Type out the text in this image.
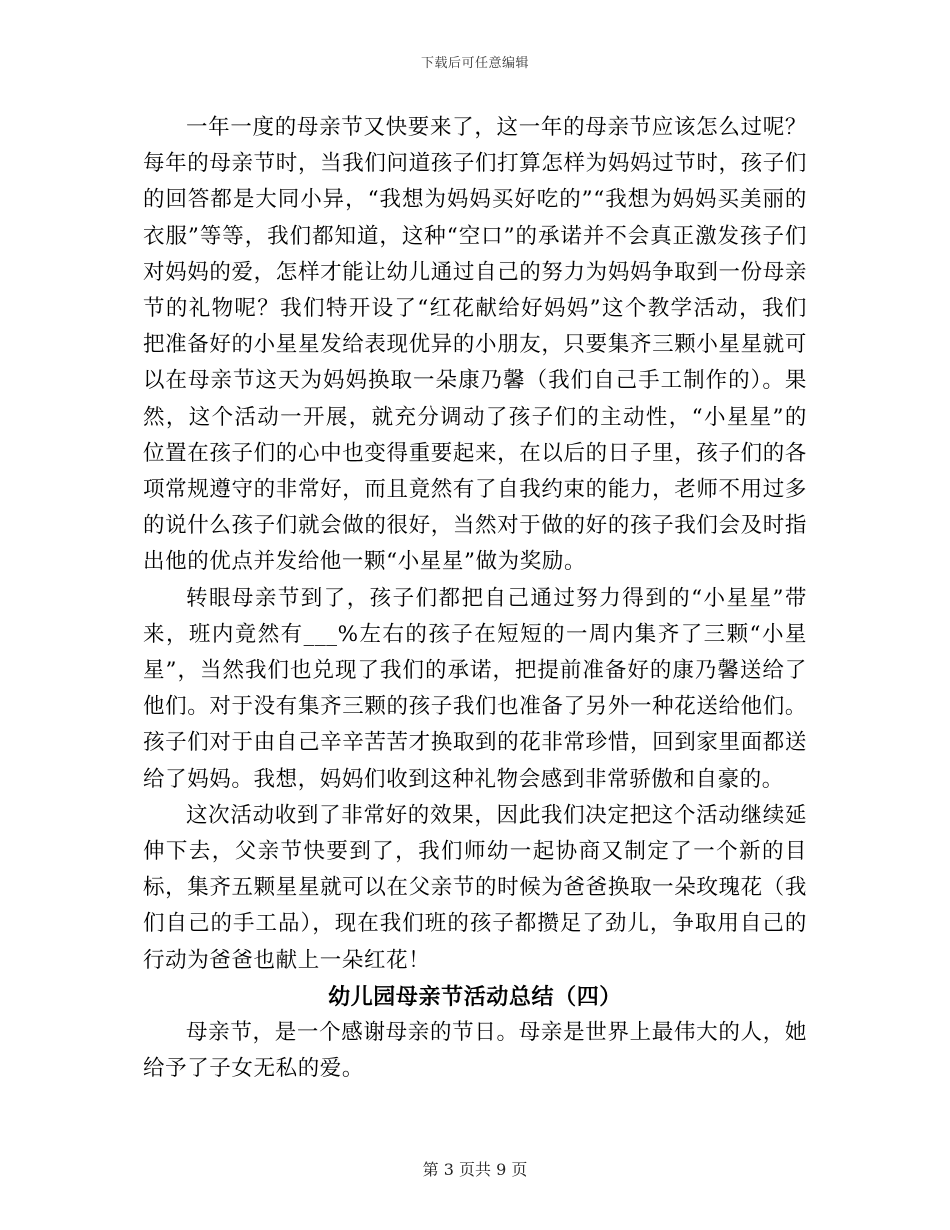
下载后可任意编辑

一年一度的母亲节又快要来了，这一年的母亲节应该怎么过呢？每年的母亲节时，当我们问道孩子们打算怎样为妈妈过节时，孩子们的回答都是大同小异，“我想为妈妈买好吃的”“我想为妈妈买美丽的衣服”等等，我们都知道，这种“空口”的承诺并不会真正激发孩子们对妈妈的爱，怎样才能让幼儿通过自己的努力为妈妈争取到一份母亲节的礼物呢？我们特开设了“红花献给好妈妈”这个教学活动，我们把准备好的小星星发给表现优异的小朋友，只要集齐三颗小星星就可以在母亲节这天为妈妈换取一朵康乃馨（我们自己手工制作的）。果然，这个活动一开展，就充分调动了孩子们的主动性，“小星星”的位置在孩子们的心中也变得重要起来，在以后的日子里，孩子们的各项常规遵守的非常好，而且竟然有了自我约束的能力，老师不用过多的说什么孩子们就会做的很好，当然对于做的好的孩子我们会及时指出他的优点并发给他一颗“小星星”做为奖励。

转眼母亲节到了，孩子们都把自己通过努力得到的“小星星”带来，班内竟然有___%左右的孩子在短短的一周内集齐了三颗“小星星”，当然我们也兑现了我们的承诺，把提前准备好的康乃馨送给了他们。对于没有集齐三颗的孩子我们也准备了另外一种花送给他们。孩子们对于由自己辛辛苦苦才换取到的花非常珍惜，回到家里面都送给了妈妈。我想，妈妈们收到这种礼物会感到非常骄傲和自豪的。

这次活动收到了非常好的效果，因此我们决定把这个活动继续延伸下去，父亲节快要到了，我们师幼一起协商又制定了一个新的目标，集齐五颗星星就可以在父亲节的时候为爸爸换取一朵玫瑰花（我们自己的手工品），现在我们班的孩子都攒足了劲儿，争取用自己的行动为爸爸也献上一朵红花！

幼儿园母亲节活动总结（四）

母亲节，是一个感谢母亲的节日。母亲是世界上最伟大的人，她给予了子女无私的爱。

第 3 页共 9 页
